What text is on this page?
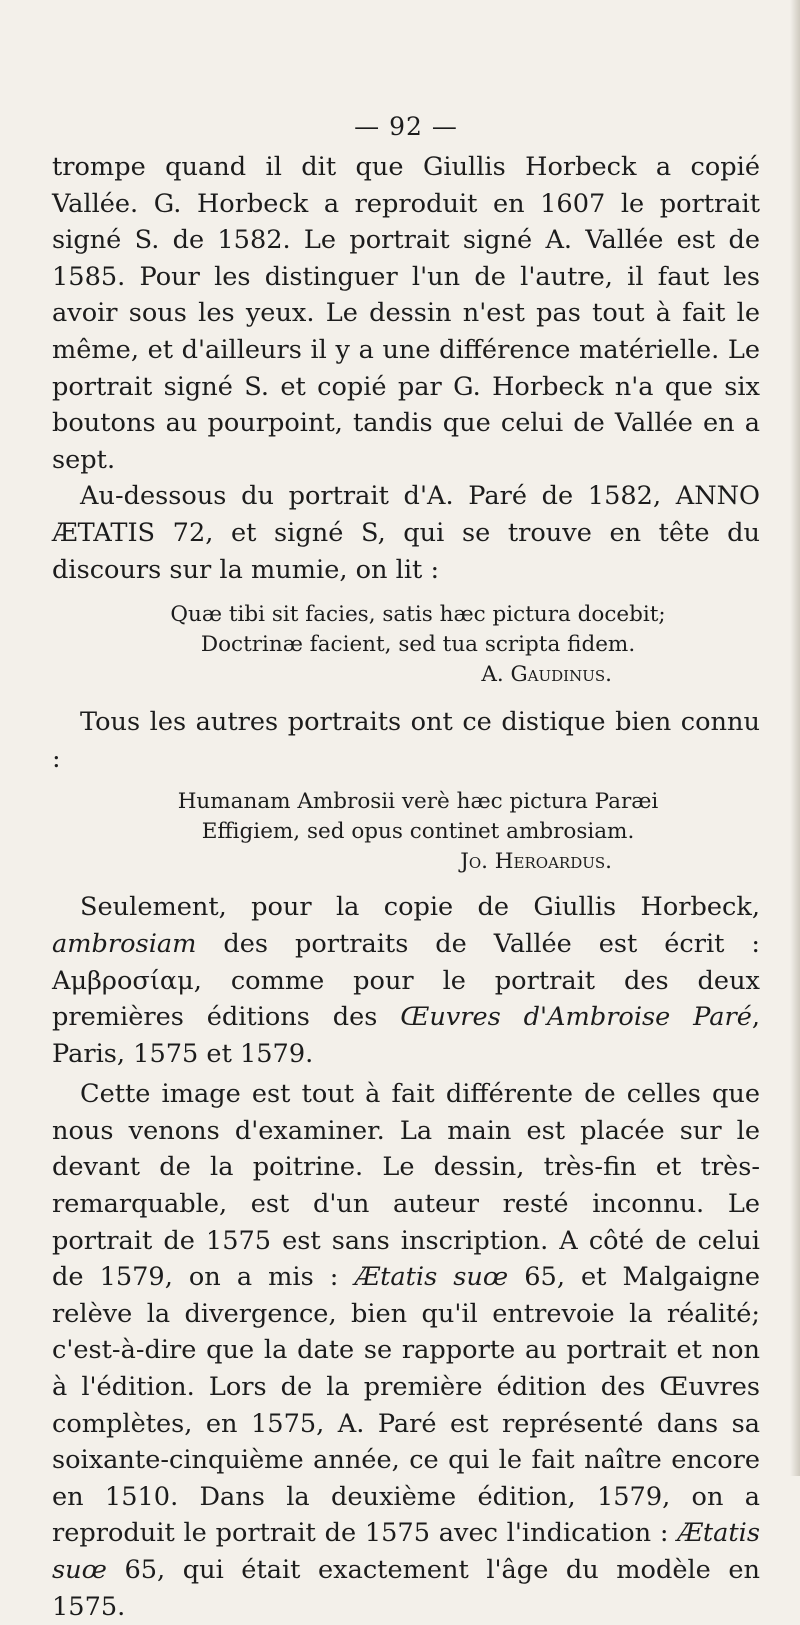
— 92 —

trompe quand il dit que Giullis Horbeck a copié Vallée. G. Horbeck a reproduit en 1607 le portrait signé S. de 1582. Le portrait signé A. Vallée est de 1585. Pour les distinguer l'un de l'autre, il faut les avoir sous les yeux. Le dessin n'est pas tout à fait le même, et d'ailleurs il y a une différence matérielle. Le portrait signé S. et copié par G. Horbeck n'a que six boutons au pourpoint, tandis que celui de Vallée en a sept.

Au-dessous du portrait d'A. Paré de 1582, ANNO ÆTATIS 72, et signé S, qui se trouve en tête du discours sur la mumie, on lit :

Quæ tibi sit facies, satis hæc pictura docebit;

Doctrinæ facient, sed tua scripta fidem.

A. Gaudinus.

Tous les autres portraits ont ce distique bien connu :

Humanam Ambrosii verè hæc pictura Paræi

Effigiem, sed opus continet ambrosiam.

Jo. Heroardus.

Seulement, pour la copie de Giullis Horbeck, ambrosiam des portraits de Vallée est écrit : Αμβροσίαμ, comme pour le portrait des deux premières éditions des Œuvres d'Ambroise Paré, Paris, 1575 et 1579.

Cette image est tout à fait différente de celles que nous venons d'examiner. La main est placée sur le devant de la poitrine. Le dessin, très-fin et très-remarquable, est d'un auteur resté inconnu. Le portrait de 1575 est sans inscription. A côté de celui de 1579, on a mis : Ætatis suœ 65, et Malgaigne relève la divergence, bien qu'il entrevoie la réalité; c'est-à-dire que la date se rapporte au portrait et non à l'édition. Lors de la première édition des Œuvres complètes, en 1575, A. Paré est représenté dans sa soixante-cinquième année, ce qui le fait naître encore en 1510. Dans la deuxième édition, 1579, on a reproduit le portrait de 1575 avec l'indication : Ætatis suœ 65, qui était exactement l'âge du modèle en 1575.
